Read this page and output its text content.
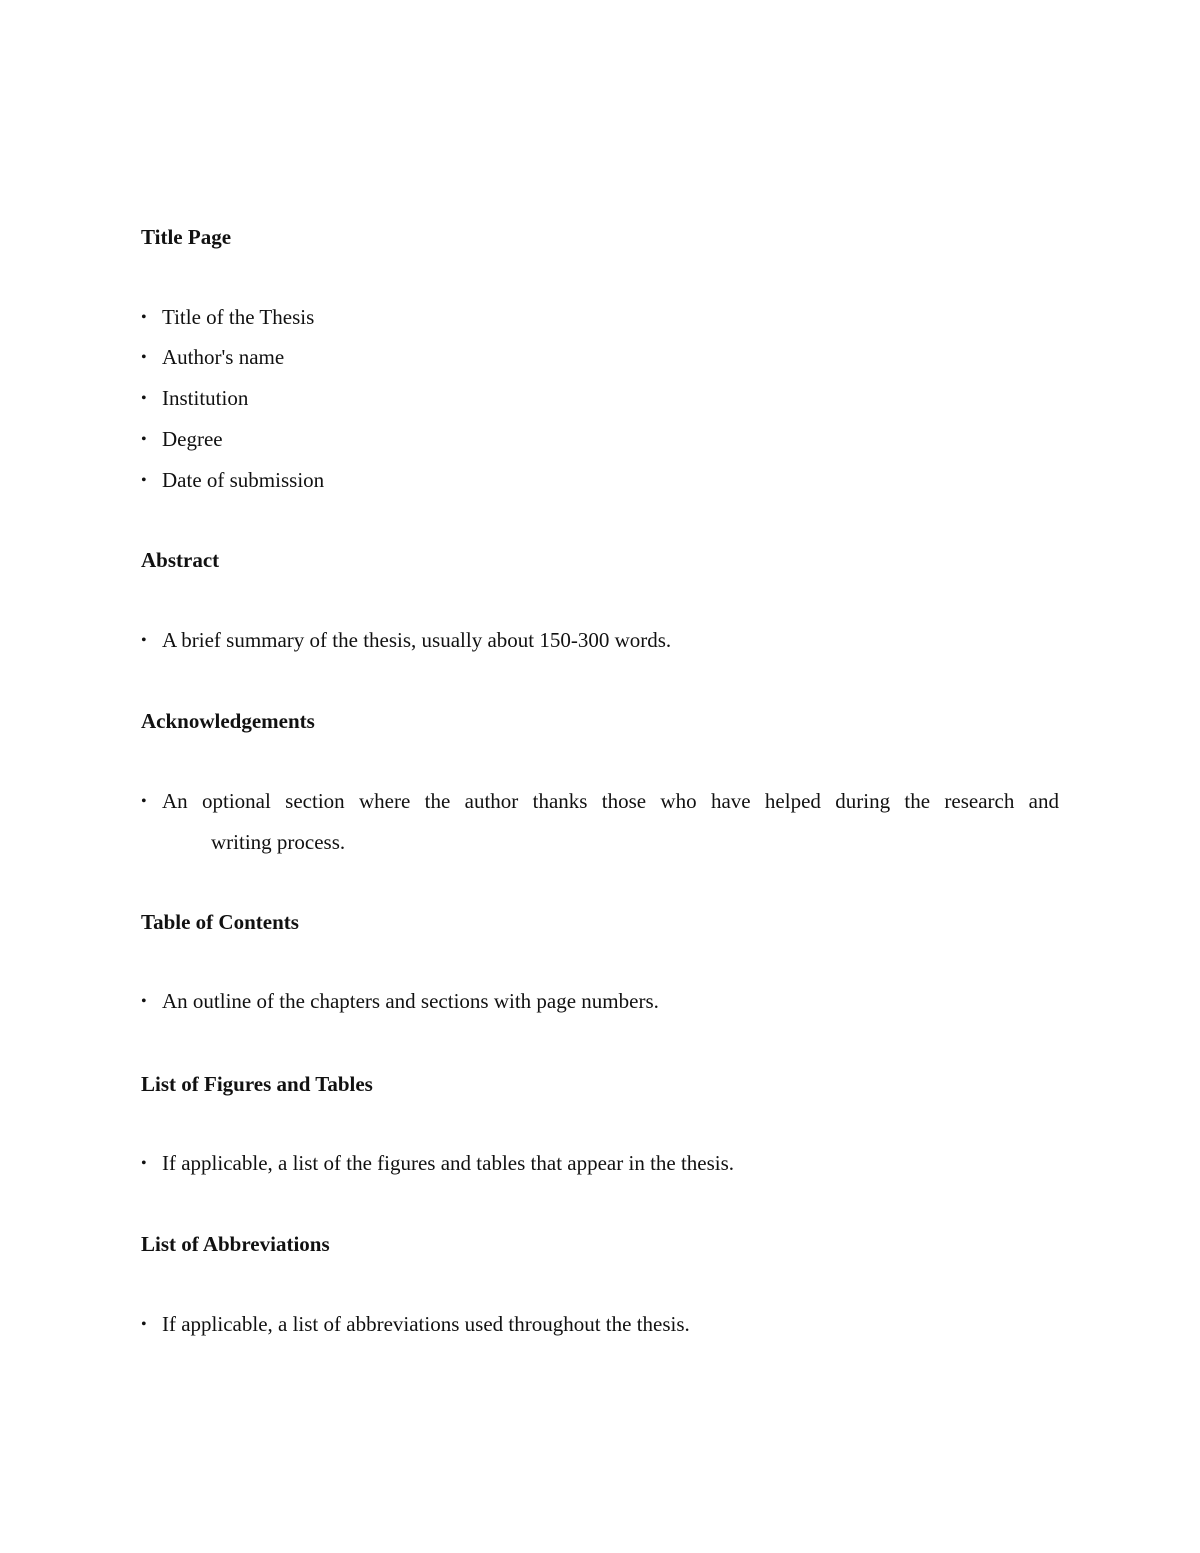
Title Page
• Title of the Thesis
• Author's name
• Institution
• Degree
• Date of submission
Abstract
• A brief summary of the thesis, usually about 150-300 words.
Acknowledgements
• An optional section where the author thanks those who have helped during the research and
writing process.
Table of Contents
• An outline of the chapters and sections with page numbers.
List of Figures and Tables
• If applicable, a list of the figures and tables that appear in the thesis.
List of Abbreviations
• If applicable, a list of abbreviations used throughout the thesis.
